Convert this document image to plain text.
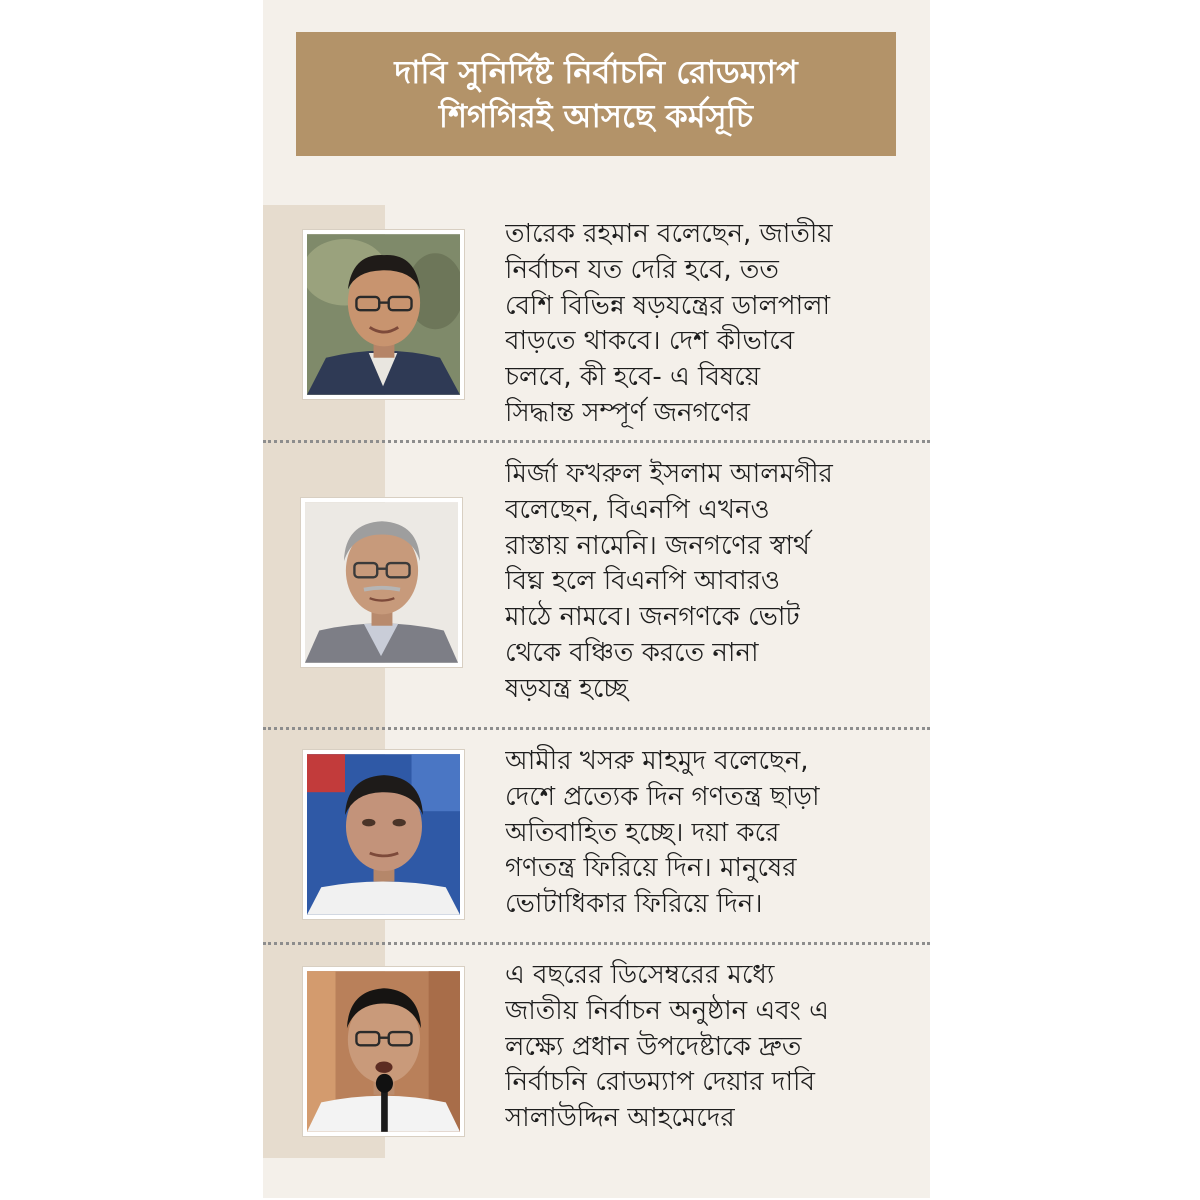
দাবি সুনির্দিষ্ট নির্বাচনি রোডম্যাপ
শিগগিরই আসছে কর্মসূচি

তারেক রহমান বলেছেন, জাতীয়
নির্বাচন যত দেরি হবে, তত
বেশি বিভিন্ন ষড়যন্ত্রের ডালপালা
বাড়তে থাকবে। দেশ কীভাবে
চলবে, কী হবে- এ বিষয়ে
সিদ্ধান্ত সম্পূর্ণ জনগণের

মির্জা ফখরুল ইসলাম আলমগীর
বলেছেন, বিএনপি এখনও
রাস্তায় নামেনি। জনগণের স্বার্থ
বিঘ্ন হলে বিএনপি আবারও
মাঠে নামবে। জনগণকে ভোট
থেকে বঞ্চিত করতে নানা
ষড়যন্ত্র হচ্ছে

আমীর খসরু মাহমুদ বলেছেন,
দেশে প্রত্যেক দিন গণতন্ত্র ছাড়া
অতিবাহিত হচ্ছে। দয়া করে
গণতন্ত্র ফিরিয়ে দিন। মানুষের
ভোটাধিকার ফিরিয়ে দিন।

এ বছরের ডিসেম্বরের মধ্যে
জাতীয় নির্বাচন অনুষ্ঠান এবং এ
লক্ষ্যে প্রধান উপদেষ্টাকে দ্রুত
নির্বাচনি রোডম্যাপ দেয়ার দাবি
সালাউদ্দিন আহমেদের
